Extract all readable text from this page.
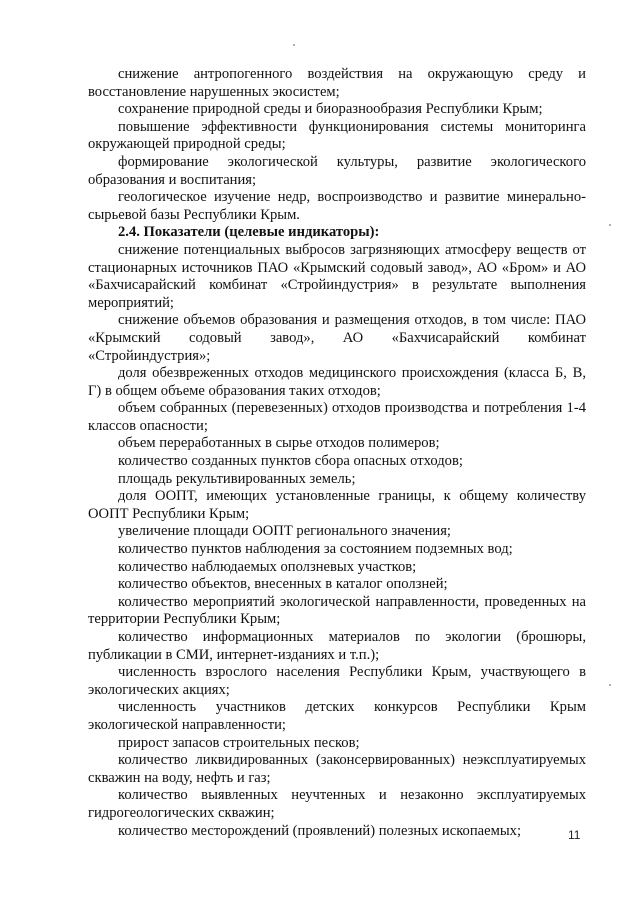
снижение антропогенного воздействия на окружающую среду и восстановление нарушенных экосистем;

сохранение природной среды и биоразнообразия Республики Крым;

повышение эффективности функционирования системы мониторинга окружающей природной среды;

формирование экологической культуры, развитие экологического образования и воспитания;

геологическое изучение недр, воспроизводство и развитие минерально-сырьевой базы Республики Крым.

2.4. Показатели (целевые индикаторы):

снижение потенциальных выбросов загрязняющих атмосферу веществ от стационарных источников ПАО «Крымский содовый завод», АО «Бром» и АО «Бахчисарайский комбинат «Стройиндустрия» в результате выполнения мероприятий;

снижение объемов образования и размещения отходов, в том числе: ПАО «Крымский содовый завод», АО «Бахчисарайский комбинат «Стройиндустрия»;

доля обезвреженных отходов медицинского происхождения (класса Б, В, Г) в общем объеме образования таких отходов;

объем собранных (перевезенных) отходов производства и потребления 1-4 классов опасности;

объем переработанных в сырье отходов полимеров;

количество созданных пунктов сбора опасных отходов;

площадь рекультивированных земель;

доля ООПТ, имеющих установленные границы, к общему количеству ООПТ Республики Крым;

увеличение площади ООПТ регионального значения;

количество пунктов наблюдения за состоянием подземных вод;

количество наблюдаемых оползневых участков;

количество объектов, внесенных в каталог оползней;

количество мероприятий экологической направленности, проведенных на территории Республики Крым;

количество информационных материалов по экологии (брошюры, публикации в СМИ, интернет-изданиях и т.п.);

численность взрослого населения Республики Крым, участвующего в экологических акциях;

численность участников детских конкурсов Республики Крым экологической направленности;

прирост запасов строительных песков;

количество ликвидированных (законсервированных) неэксплуатируемых скважин на воду, нефть и газ;

количество выявленных неучтенных и незаконно эксплуатируемых гидрогеологических скважин;

количество месторождений (проявлений) полезных ископаемых;	11
